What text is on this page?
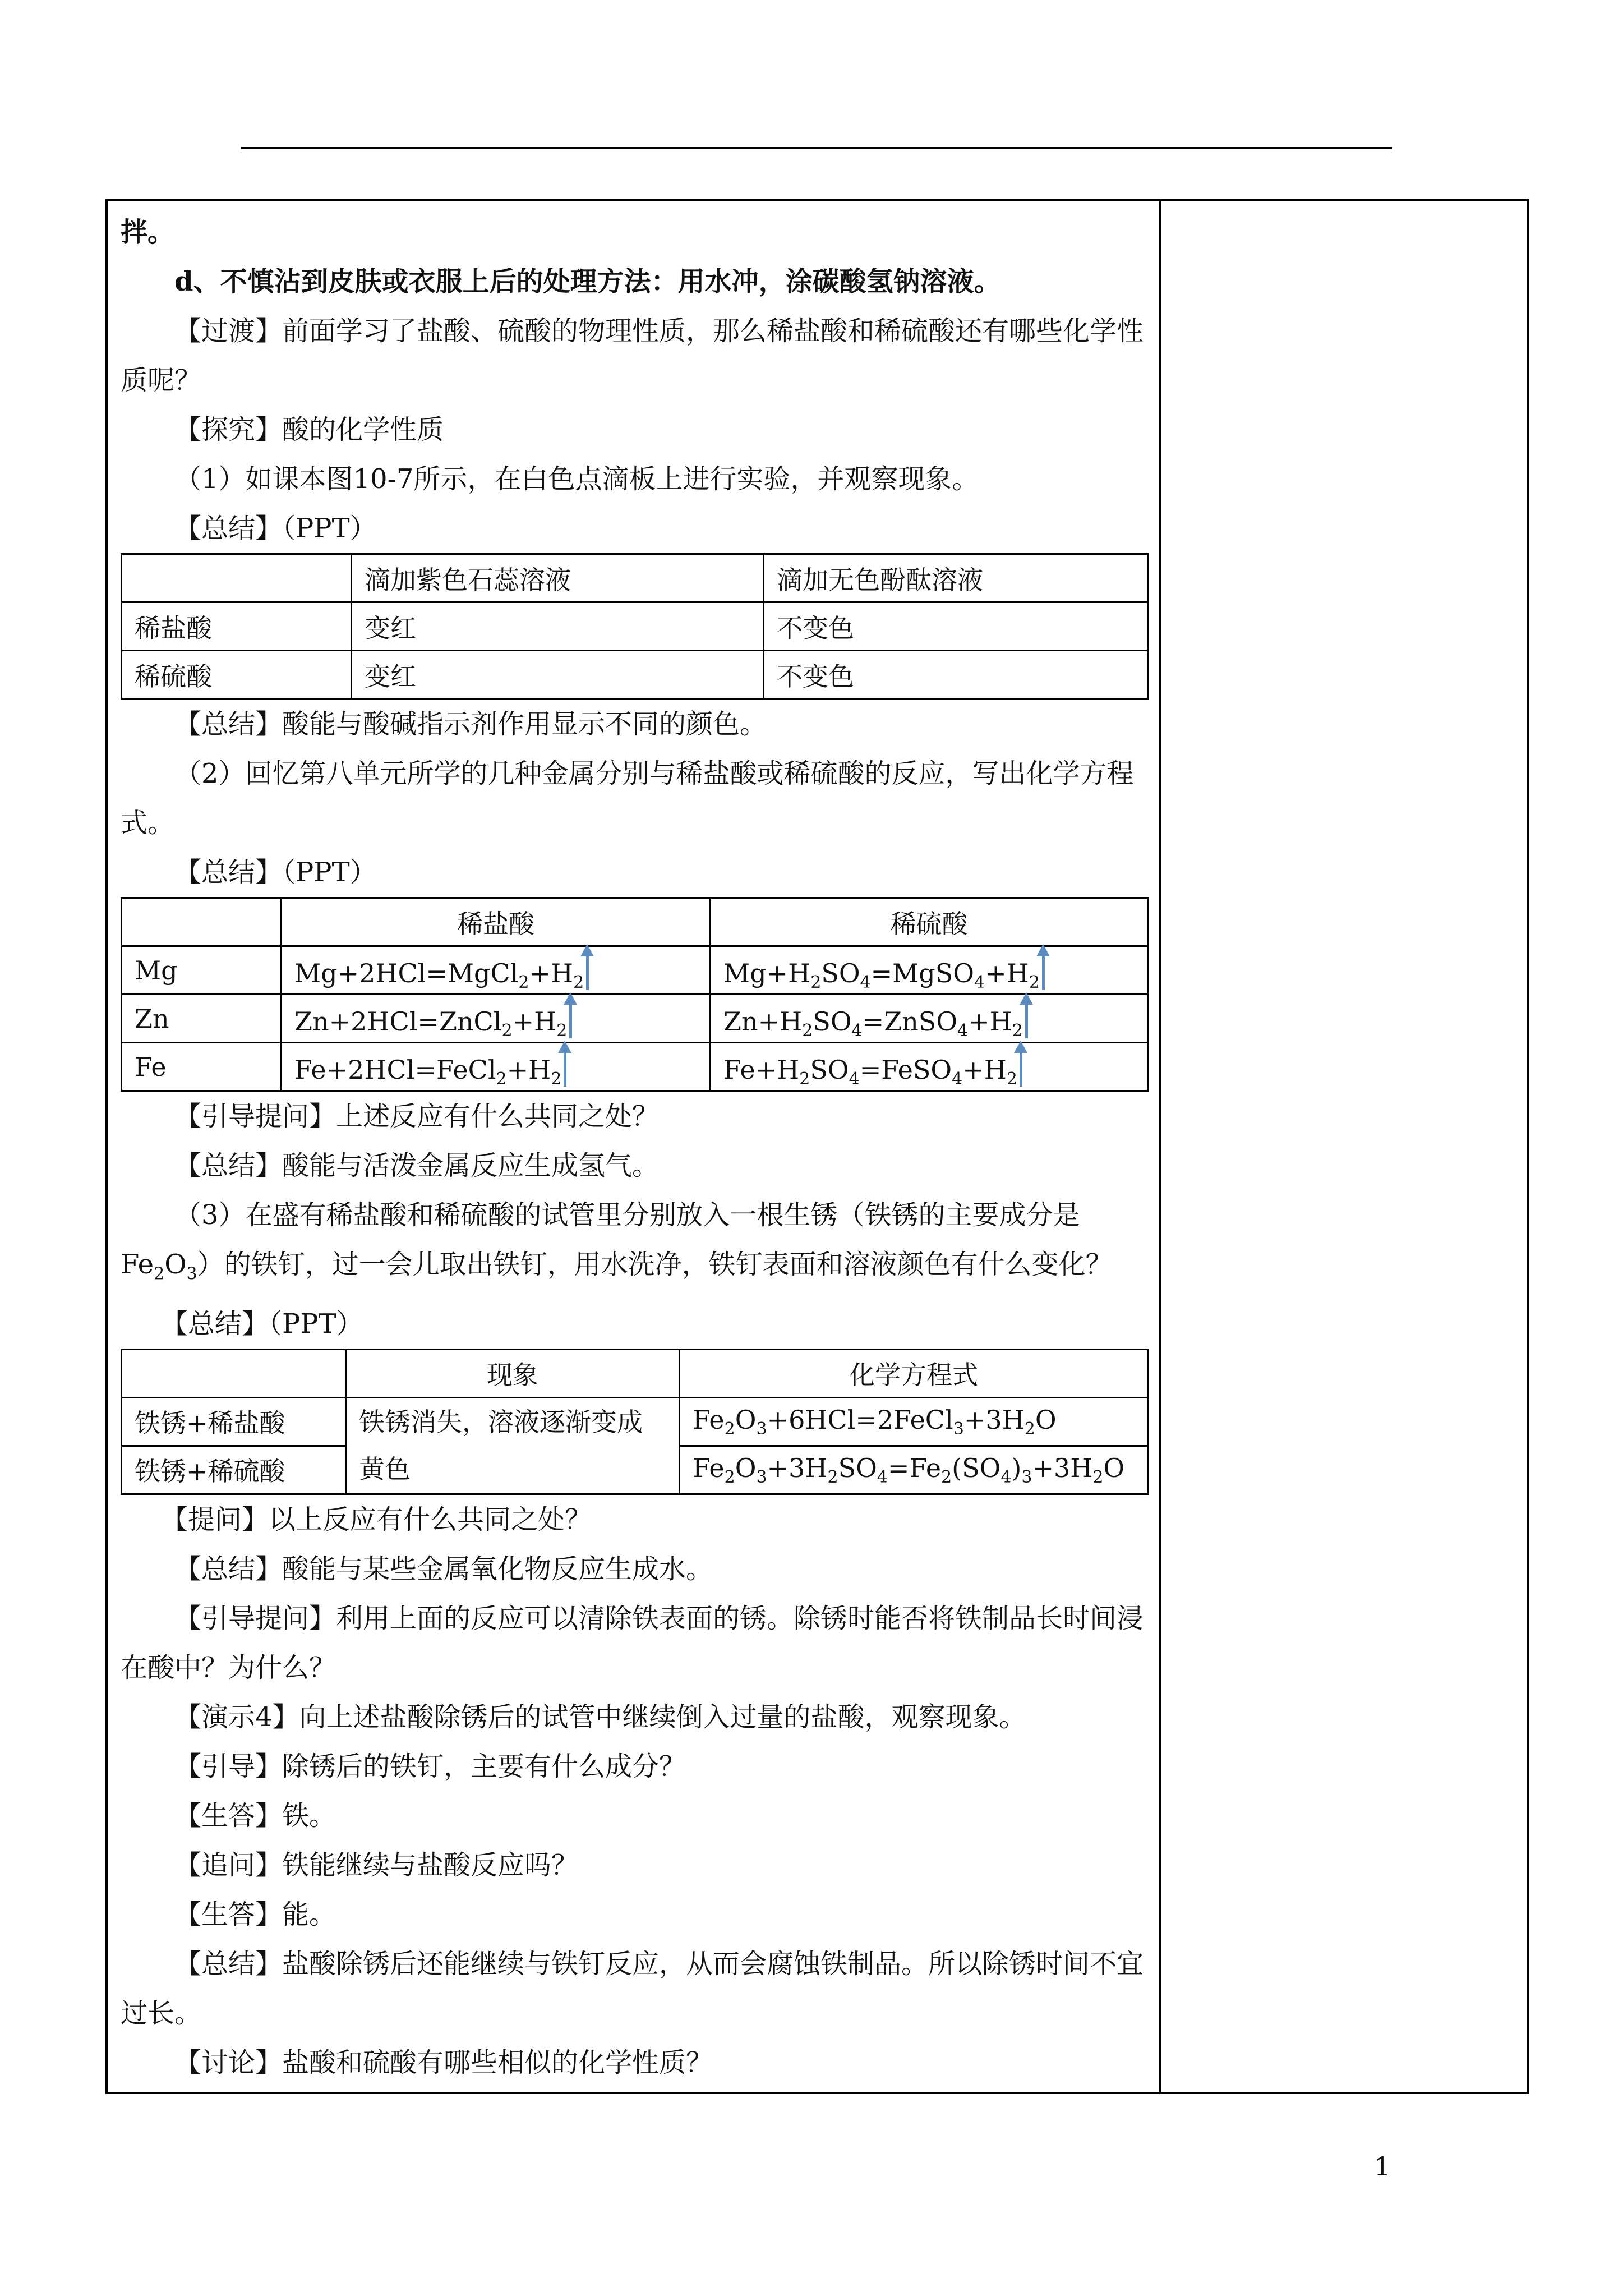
拌。

d、不慎沾到皮肤或衣服上后的处理方法：用水冲，涂碳酸氢钠溶液。

【过渡】前面学习了盐酸、硫酸的物理性质，那么稀盐酸和稀硫酸还有哪些化学性质呢？

【探究】酸的化学性质

（1）如课本图10-7所示，在白色点滴板上进行实验，并观察现象。

【总结】（PPT）

	滴加紫色石蕊溶液	滴加无色酚酞溶液
稀盐酸	变红	不变色
稀硫酸	变红	不变色

【总结】酸能与酸碱指示剂作用显示不同的颜色。

（2）回忆第八单元所学的几种金属分别与稀盐酸或稀硫酸的反应，写出化学方程式。

【总结】（PPT）

	稀盐酸	稀硫酸
Mg	$Mg+2HCl=MgCl_2+H_2$	$Mg+H_2SO_4=MgSO_4+H_2$
Zn	$Zn+2HCl=ZnCl_2+H_2$	$Zn+H_2SO_4=ZnSO_4+H_2$
Fe	$Fe+2HCl=FeCl_2+H_2$	$Fe+H_2SO_4=FeSO_4+H_2$

【引导提问】上述反应有什么共同之处？

【总结】酸能与活泼金属反应生成氢气。

（3）在盛有稀盐酸和稀硫酸的试管里分别放入一根生锈（铁锈的主要成分是$Fe_2O_3$）的铁钉，过一会儿取出铁钉，用水洗净，铁钉表面和溶液颜色有什么变化？

【总结】（PPT）

	现象	化学方程式
铁锈+稀盐酸	铁锈消失，溶液逐渐变成黄色	$Fe_2O_3+6HCl=2FeCl_3+3H_2O$
铁锈+稀硫酸		$Fe_2O_3+3H_2SO_4=Fe_2(SO_4)_3+3H_2O$

【提问】以上反应有什么共同之处？

【总结】酸能与某些金属氧化物反应生成水。

【引导提问】利用上面的反应可以清除铁表面的锈。除锈时能否将铁制品长时间浸在酸中？为什么？

【演示4】向上述盐酸除锈后的试管中继续倒入过量的盐酸，观察现象。

【引导】除锈后的铁钉，主要有什么成分？

【生答】铁。

【追问】铁能继续与盐酸反应吗？

【生答】能。

【总结】盐酸除锈后还能继续与铁钉反应，从而会腐蚀铁制品。所以除锈时间不宜过长。

【讨论】盐酸和硫酸有哪些相似的化学性质？

1
